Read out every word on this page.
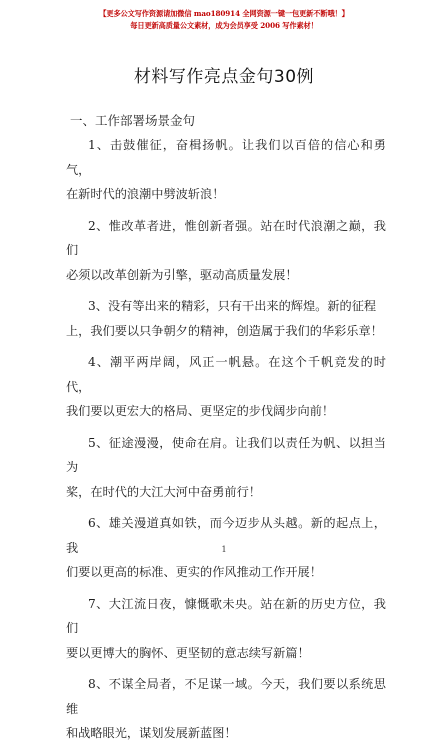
【更多公文写作资源请加微信 mao180914 全网资源一键一包更新不断哦！】
每日更新高质量公文素材，成为会员享受 2006 写作素材！
材料写作亮点金句30例
一、工作部署场景金句
1、击鼓催征，奋楫扬帆。让我们以百倍的信心和勇气，
在新时代的浪潮中劈波斩浪！
2、惟改革者进，惟创新者强。站在时代浪潮之巅，我们
必须以改革创新为引擎，驱动高质量发展！
3、没有等出来的精彩，只有干出来的辉煌。新的征程
上，我们要以只争朝夕的精神，创造属于我们的华彩乐章！
4、潮平两岸阔，风正一帆悬。在这个千帆竞发的时代，
我们要以更宏大的格局、更坚定的步伐阔步向前！
5、征途漫漫，使命在肩。让我们以责任为帆、以担当为
桨，在时代的大江大河中奋勇前行！
6、雄关漫道真如铁，而今迈步从头越。新的起点上，我
们要以更高的标准、更实的作风推动工作开展！
7、大江流日夜，慷慨歌未央。站在新的历史方位，我们
要以更博大的胸怀、更坚韧的意志续写新篇！
8、不谋全局者，不足谋一域。今天，我们要以系统思维
和战略眼光，谋划发展新蓝图！
1
